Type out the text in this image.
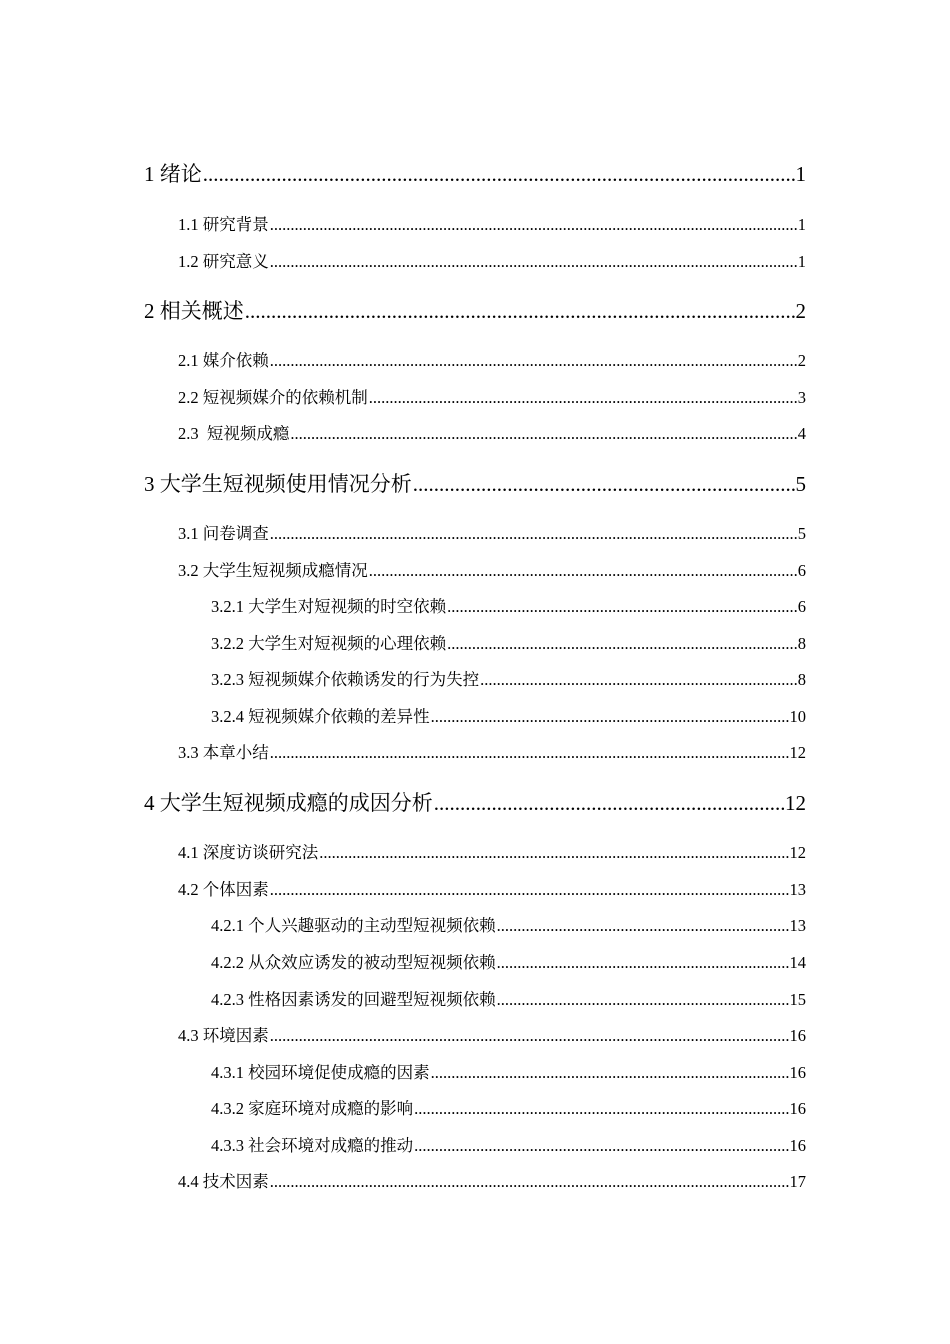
1 绪论 .....	1
1.1 研究背景 .....	1
1.2 研究意义 .....	1
2 相关概述 .....	2
2.1 媒介依赖 .....	2
2.2 短视频媒介的依赖机制 .....	3
2.3  短视频成瘾 .....	4
3 大学生短视频使用情况分析 .....	5
3.1 问卷调查 .....	5
3.2 大学生短视频成瘾情况 .....	6
3.2.1 大学生对短视频的时空依赖 .....	6
3.2.2 大学生对短视频的心理依赖 .....	8
3.2.3 短视频媒介依赖诱发的行为失控 .....	8
3.2.4 短视频媒介依赖的差异性 .....	10
3.3 本章小结 .....	12
4 大学生短视频成瘾的成因分析 .....	12
4.1 深度访谈研究法 .....	12
4.2 个体因素 .....	13
4.2.1 个人兴趣驱动的主动型短视频依赖 .....	13
4.2.2 从众效应诱发的被动型短视频依赖 .....	14
4.2.3 性格因素诱发的回避型短视频依赖 .....	15
4.3 环境因素 .....	16
4.3.1 校园环境促使成瘾的因素 .....	16
4.3.2 家庭环境对成瘾的影响 .....	16
4.3.3 社会环境对成瘾的推动 .....	16
4.4 技术因素 .....	17
